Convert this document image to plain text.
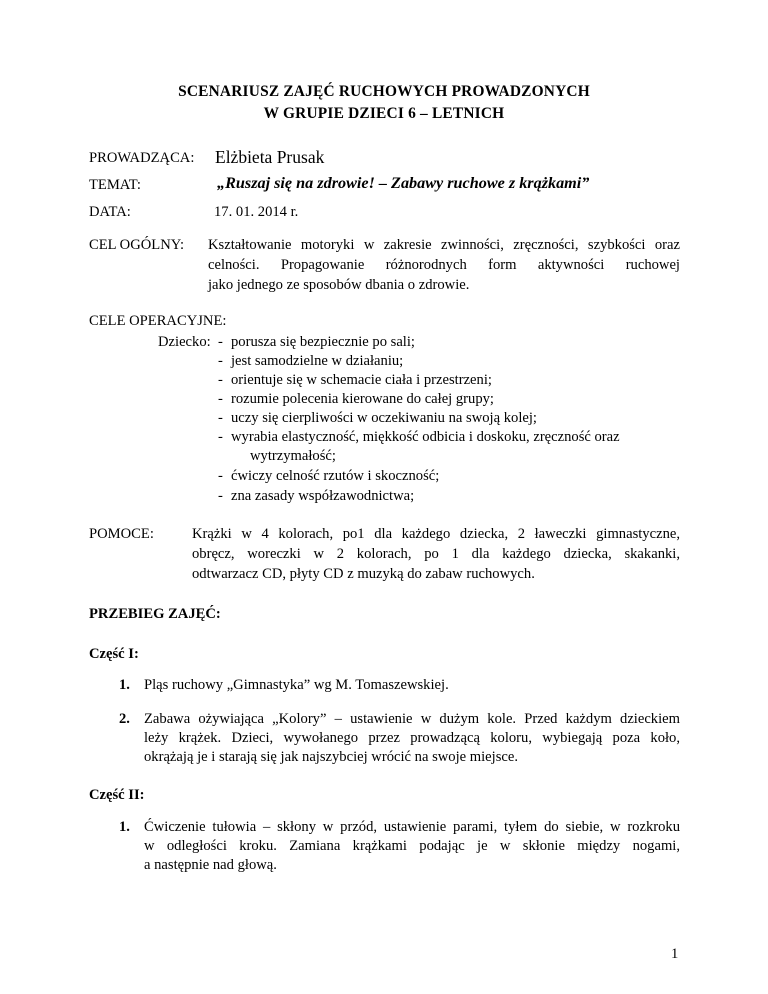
SCENARIUSZ ZAJĘĆ RUCHOWYCH PROWADZONYCH
W GRUPIE DZIECI 6 – LETNICH
PROWADZĄCA: Elżbieta Prusak
TEMAT:	„Ruszaj się na zdrowie! – Zabawy ruchowe z krążkami”
DATA:	17. 01. 2014 r.
CEL OGÓLNY: Kształtowanie motoryki w zakresie zwinności, zręczności, szybkości oraz
celności. Propagowanie różnorodnych form aktywności ruchowej
jako jednego ze sposobów dbania o zdrowie.
CELE OPERACYJNE:
Dziecko: - porusza się bezpiecznie po sali;
- jest samodzielne w działaniu;
- orientuje się w schemacie ciała i przestrzeni;
- rozumie polecenia kierowane do całej grupy;
- uczy się cierpliwości w oczekiwaniu na swoją kolej;
- wyrabia elastyczność, miękkość odbicia i doskoku, zręczność oraz
wytrzymałość;
- ćwiczy celność rzutów i skoczność;
- zna zasady współzawodnictwa;
POMOCE:	Krążki w 4 kolorach, po1 dla każdego dziecka, 2 ławeczki gimnastyczne,
obręcz, woreczki w 2 kolorach, po 1 dla każdego dziecka, skakanki,
odtwarzacz CD, płyty CD z muzyką do zabaw ruchowych.
PRZEBIEG ZAJĘĆ:
Część I:
1. Pląs ruchowy „Gimnastyka” wg M. Tomaszewskiej.
2. Zabawa ożywiająca „Kolory” – ustawienie w dużym kole. Przed każdym dzieckiem
leży krążek. Dzieci, wywołanego przez prowadzącą koloru, wybiegają poza koło,
okrążają je i starają się jak najszybciej wrócić na swoje miejsce.
Część II:
1. Ćwiczenie tułowia – skłony w przód, ustawienie parami, tyłem do siebie, w rozkroku
w odległości kroku. Zamiana krążkami podając je w skłonie między nogami,
a następnie nad głową.
1
